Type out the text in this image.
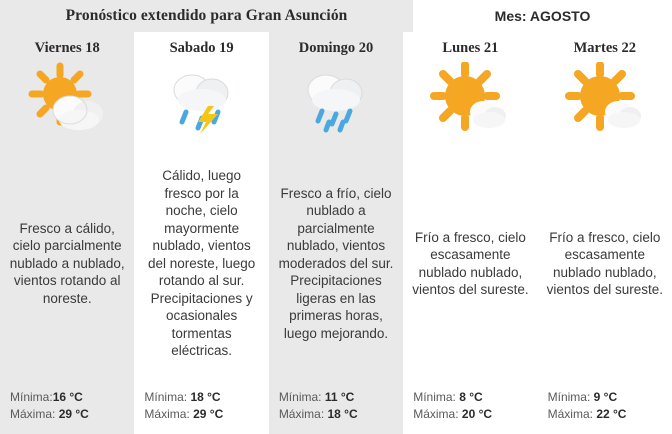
Pronóstico extendido para Gran Asunción	Mes: AGOSTO
Viernes 18
Fresco a cálido, cielo parcialmente nublado a nublado, vientos rotando al noreste.
Mínima:16 °C
Máxima: 29 °C
Sabado 19
Cálido, luego fresco por la noche, cielo mayormente nublado, vientos del noreste, luego rotando al sur. Precipitaciones y ocasionales tormentas eléctricas.
Mínima: 18 °C
Máxima: 29 °C
Domingo 20
Fresco a frío, cielo nublado a parcialmente nublado, vientos moderados del sur. Precipitaciones ligeras en las primeras horas, luego mejorando.
Mínima: 11 °C
Máxima: 18 °C
Lunes 21
Frío a fresco, cielo escasamente nublado nublado, vientos del sureste.
Mínima: 8 °C
Máxima: 20 °C
Martes 22
Frío a fresco, cielo escasamente nublado nublado, vientos del sureste.
Mínima: 9 °C
Máxima: 22 °C
